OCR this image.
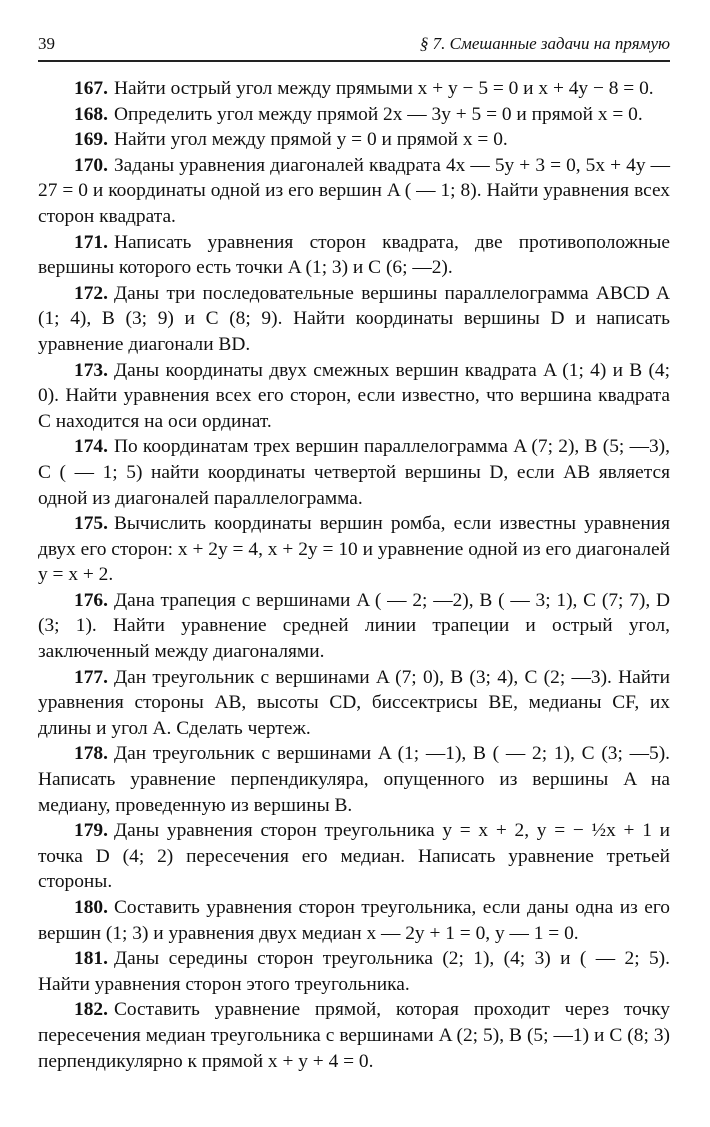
39	§ 7. Смешанные задачи на прямую

167. Найти острый угол между прямыми x + y − 5 = 0 и x + 4y − 8 = 0.

168. Определить угол между прямой 2x — 3y + 5 = 0 и прямой x = 0.

169. Найти угол между прямой y = 0 и прямой x = 0.

170. Заданы уравнения диагоналей квадрата 4x — 5y + 3 = 0, 5x + 4y — 27 = 0 и координаты одной из его вершин A ( — 1; 8). Найти уравнения всех сторон квадрата.

171. Написать уравнения сторон квадрата, две противоположные вершины которого есть точки A (1; 3) и C (6; —2).

172. Даны три последовательные вершины параллелограмма ABCD A (1; 4), B (3; 9) и C (8; 9). Найти координаты вершины D и написать уравнение диагонали BD.

173. Даны координаты двух смежных вершин квадрата A (1; 4) и B (4; 0). Найти уравнения всех его сторон, если известно, что вершина квадрата C находится на оси ординат.

174. По координатам трех вершин параллелограмма A (7; 2), B (5; —3), C ( — 1; 5) найти координаты четвертой вершины D, если AB является одной из диагоналей параллелограмма.

175. Вычислить координаты вершин ромба, если известны уравнения двух его сторон: x + 2y = 4, x + 2y = 10 и уравнение одной из его диагоналей y = x + 2.

176. Дана трапеция с вершинами A ( — 2; —2), B ( — 3; 1), C (7; 7), D (3; 1). Найти уравнение средней линии трапеции и острый угол, заключенный между диагоналями.

177. Дан треугольник с вершинами A (7; 0), B (3; 4), C (2; —3). Найти уравнения стороны AB, высоты CD, биссектрисы BE, медианы CF, их длины и угол A. Сделать чертеж.

178. Дан треугольник с вершинами A (1; —1), B ( — 2; 1), C (3; —5). Написать уравнение перпендикуляра, опущенного из вершины A на медиану, проведенную из вершины B.

179. Даны уравнения сторон треугольника y = x + 2, y = − ½x + 1 и точка D (4; 2) пересечения его медиан. Написать уравнение третьей стороны.

180. Составить уравнения сторон треугольника, если даны одна из его вершин (1; 3) и уравнения двух медиан x — 2y + 1 = 0, y — 1 = 0.

181. Даны середины сторон треугольника (2; 1), (4; 3) и ( — 2; 5). Найти уравнения сторон этого треугольника.

182. Составить уравнение прямой, которая проходит через точку пересечения медиан треугольника с вершинами A (2; 5), B (5; —1) и C (8; 3) перпендикулярно к прямой x + y + 4 = 0.
